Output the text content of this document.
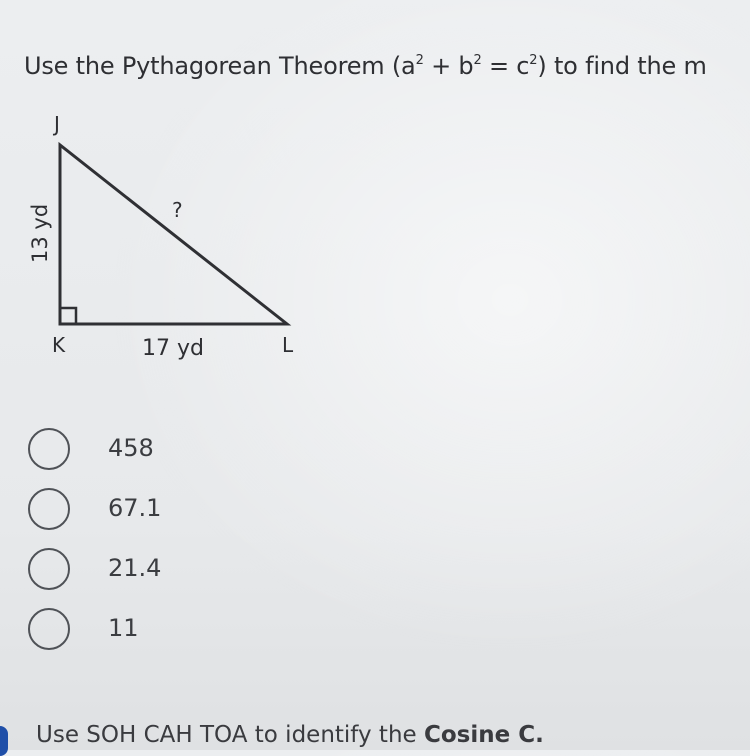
Use the Pythagorean Theorem $(a^2 + b^2 = c^2)$ to find the m
J
K	L
13 yd
17 yd
?
458
67.1
21.4
11
Use SOH CAH TOA to identify the Cosine C.
